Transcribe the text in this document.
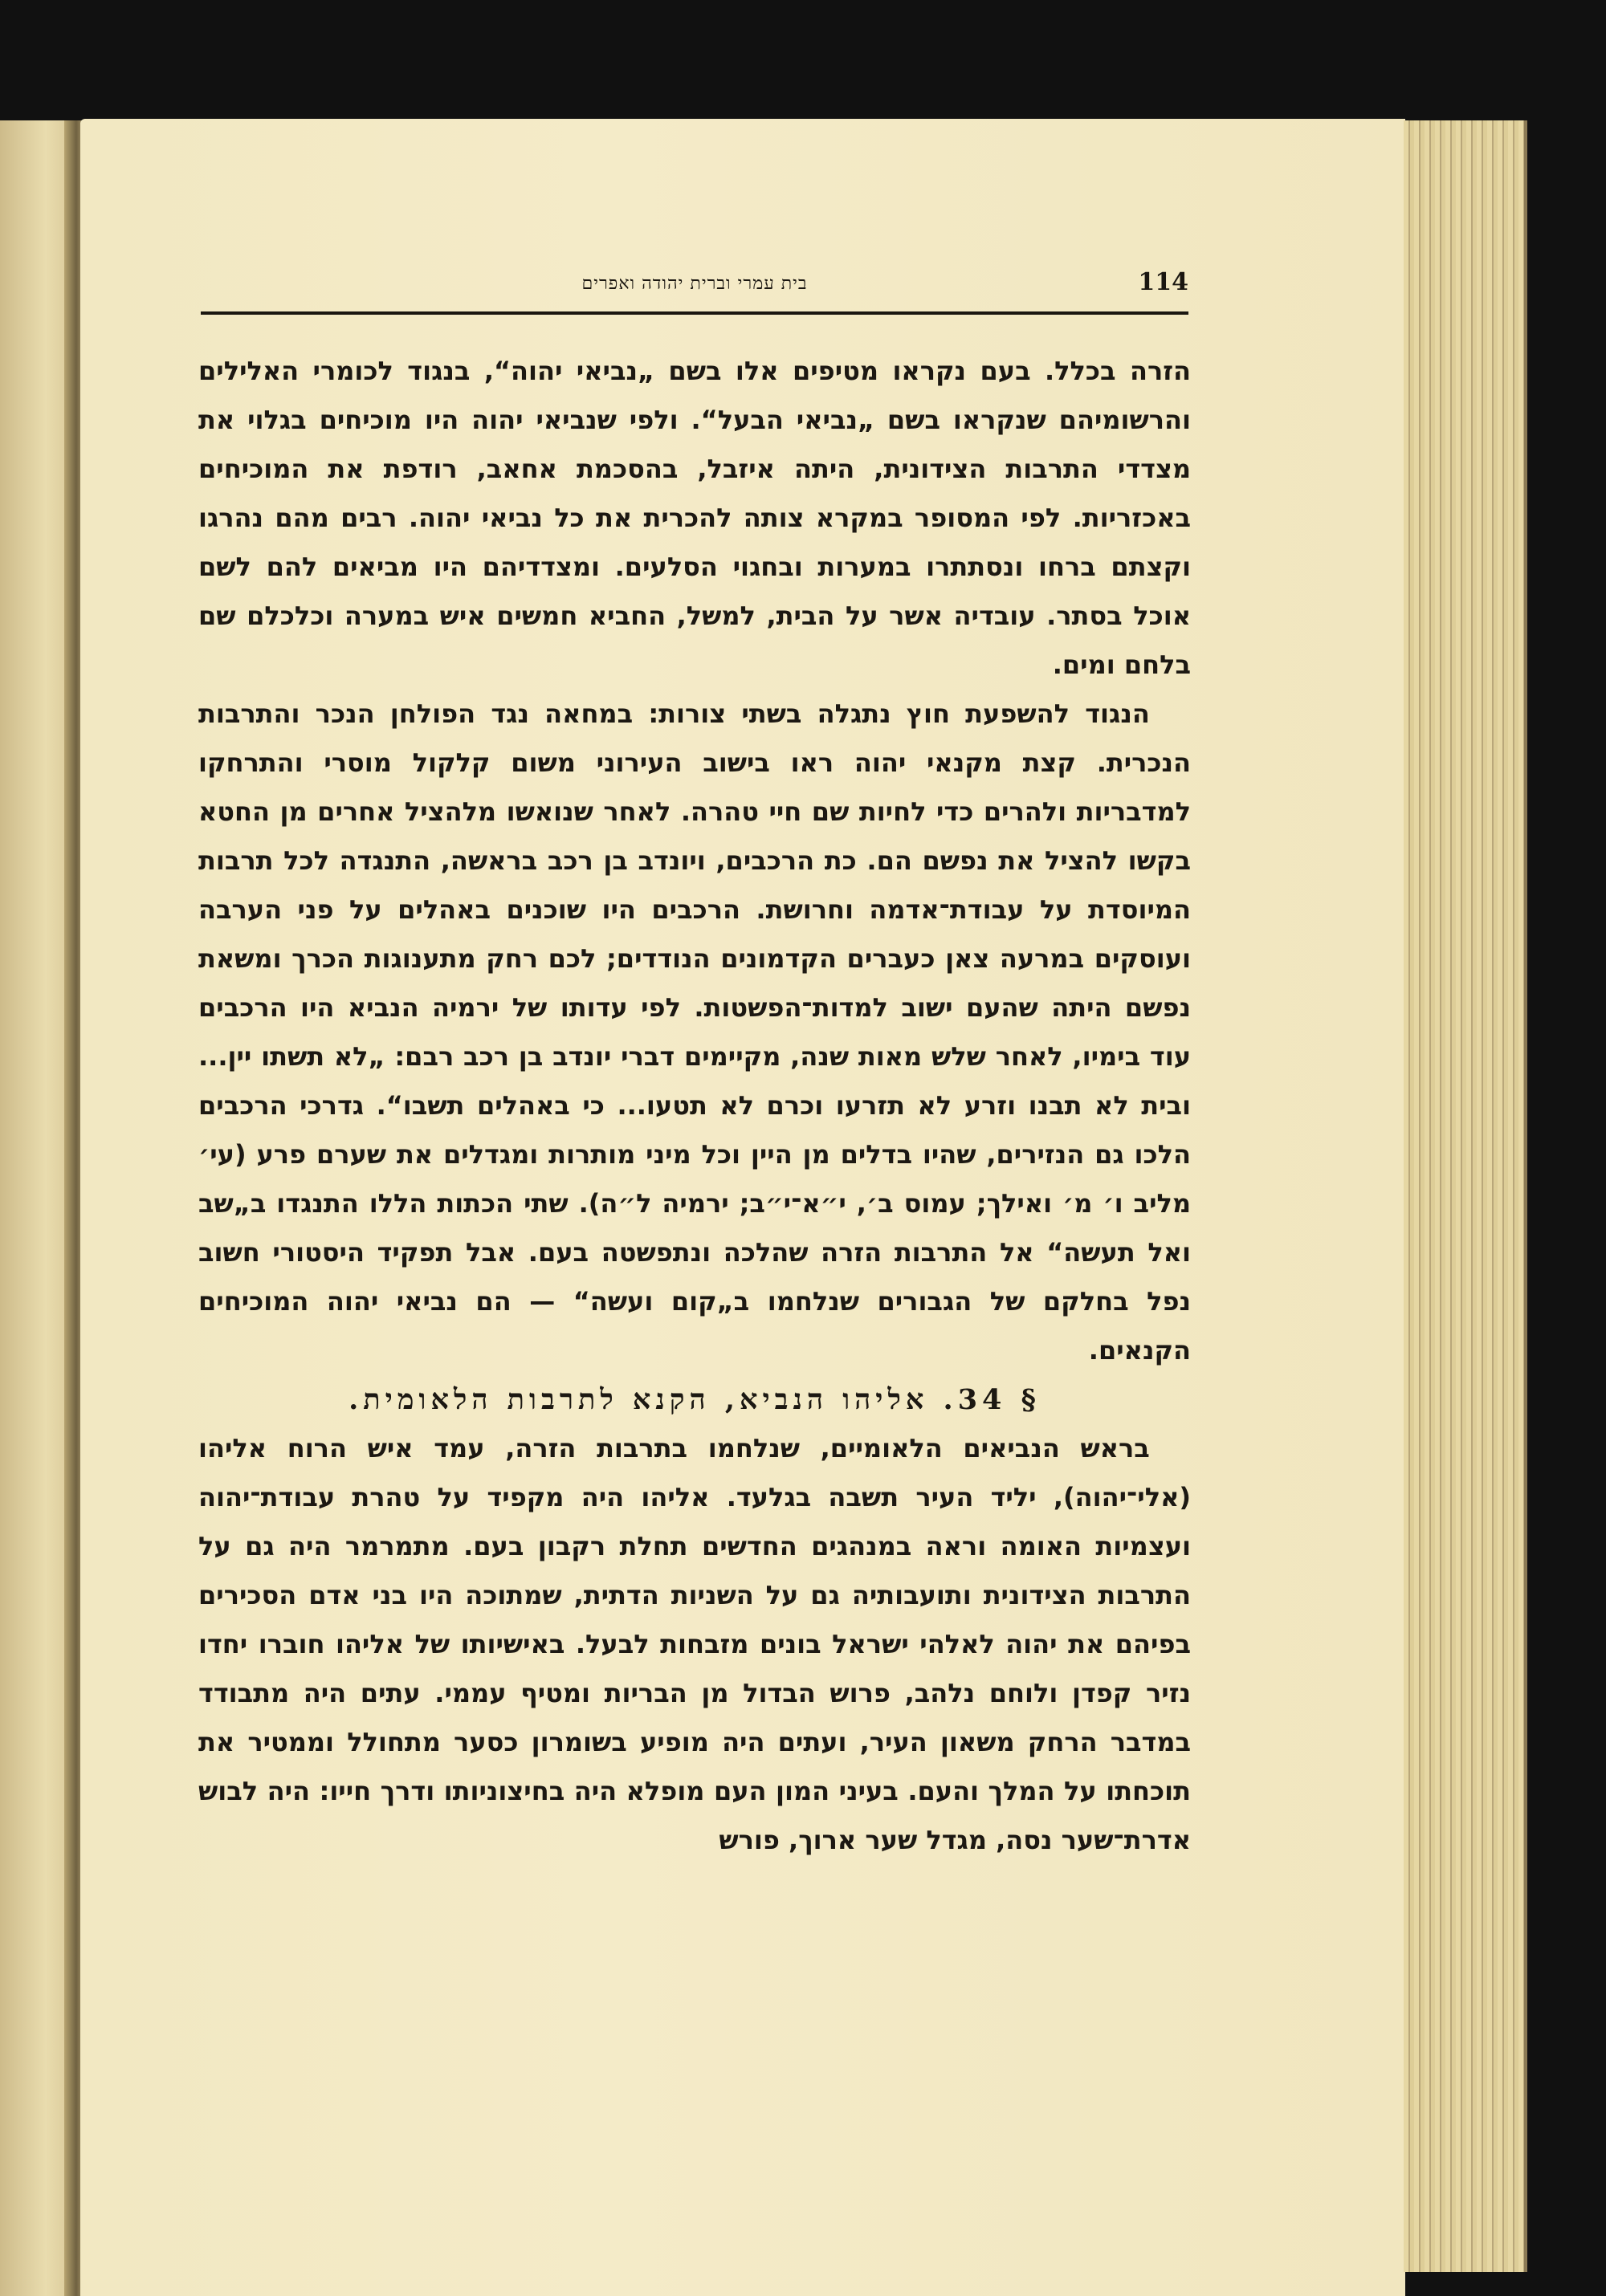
114
בית עמרי וברית יהודה ואפרים

הזרה בכלל. בעם נקראו מטיפים אלו בשם „נביאי יהוה“, בנגוד לכומרי האלילים והרשומיהם שנקראו בשם „נביאי הבעל“. ולפי שנביאי יהוה היו מוכיחים בגלוי את מצדדי התרבות הצידונית, היתה איזבל, בהסכמת אחאב, רודפת את המוכיחים באכזריות. לפי המסופר במקרא צותה להכרית את כל נביאי יהוה. רבים מהם נהרגו וקצתם ברחו ונסתתרו במערות ובחגוי הסלעים. ומצדדיהם היו מביאים להם לשם אוכל בסתר. עובדיה אשר על הבית, למשל, החביא חמשים איש במערה וכלכלם שם בלחם ומים.

הנגוד להשפעת חוץ נתגלה בשתי צורות: במחאה נגד הפולחן הנכר והתרבות הנכרית. קצת מקנאי יהוה ראו בישוב העירוני משום קלקול מוסרי והתרחקו למדבריות ולהרים כדי לחיות שם חיי טהרה. לאחר שנואשו מלהציל אחרים מן החטא בקשו להציל את נפשם הם. כת הרכבים, ויונדב בן רכב בראשה, התנגדה לכל תרבות המיוסדת על עבודת־אדמה וחרושת. הרכבים היו שוכנים באהלים על פני הערבה ועוסקים במרעה צאן כעברים הקדמונים הנודדים; לכם רחק מתענוגות הכרך ומשאת נפשם היתה שהעם ישוב למדות־הפשטות. לפי עדותו של ירמיה הנביא היו הרכבים עוד בימיו, לאחר שלש מאות שנה, מקיימים דברי יונדב בן רכב רבם: „לא תשתו יין... ובית לא תבנו וזרע לא תזרעו וכרם לא תטעו... כי באהלים תשבו“. גדרכי הרכבים הלכו גם הנזירים, שהיו בדלים מן היין וכל מיני מותרות ומגדלים את שערם פרע (עי׳ מליב ו׳ מ׳ ואילך; עמוס ב׳, י״א־י״ב; ירמיה ל״ה). שתי הכתות הללו התנגדו ב„שב ואל תעשה“ אל התרבות הזרה שהלכה ונתפשטה בעם. אבל תפקיד היסטורי חשוב נפל בחלקם של הגבורים שנלחמו ב„קום ועשה“ — הם נביאי יהוה המוכיחים הקנאים.

§ 34. אליהו הנביא, הקנא לתרבות הלאומית.

בראש הנביאים הלאומיים, שנלחמו בתרבות הזרה, עמד איש הרוח אליהו (אלי־יהוה), יליד העיר תשבה בגלעד. אליהו היה מקפיד על טהרת עבודת־יהוה ועצמיות האומה וראה במנהגים החדשים תחלת רקבון בעם. מתמרמר היה גם על התרבות הצידונית ותועבותיה גם על השניות הדתית, שמתוכה היו בני אדם הסכירים בפיהם את יהוה לאלהי ישראל בונים מזבחות לבעל. באישיותו של אליהו חוברו יחדו נזיר קפדן ולוחם נלהב, פרוש הבדול מן הבריות ומטיף עממי. עתים היה מתבודד במדבר הרחק משאון העיר, ועתים היה מופיע בשומרון כסער מתחולל וממטיר את תוכחתו על המלך והעם. בעיני המון העם מופלא היה בחיצוניותו ודרך חייו: היה לבוש אדרת־שער נסה, מגדל שער ארוך, פורש
